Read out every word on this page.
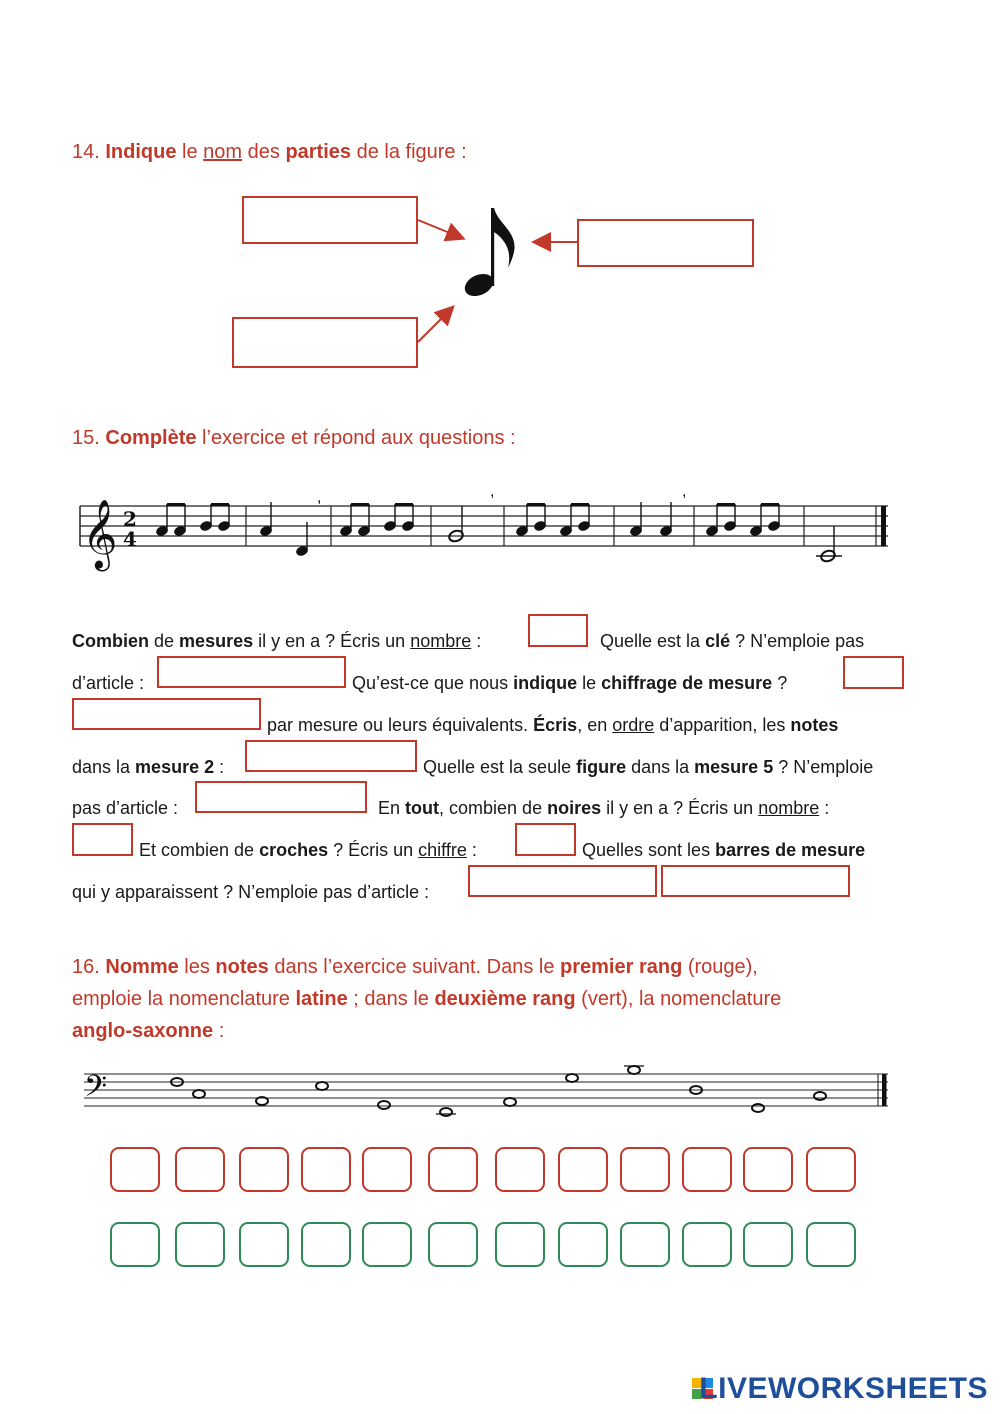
14. Indique le nom des parties de la figure :
15. Complète l’exercice et répond aux questions :
𝄞 2
4
,	,	,
Combien de mesures il y en a ? Écris un nombre :	Quelle est la clé ? N’emploie pas
d’article :	Qu’est-ce que nous indique le chiffrage de mesure ?
par mesure ou leurs équivalents. Écris, en ordre d’apparition, les notes
dans la mesure 2 :	Quelle est la seule figure dans la mesure 5 ? N’emploie
pas d’article :	En tout, combien de noires il y en a ? Écris un nombre :
Et combien de croches ? Écris un chiffre :	Quelles sont les barres de mesure
qui y apparaissent ? N’emploie pas d’article :
16. Nomme les notes dans l’exercice suivant. Dans le premier rang (rouge),
emploie la nomenclature latine ; dans le deuxième rang (vert), la nomenclature
anglo-saxonne :
𝄢
LIVEWORKSHEETS
